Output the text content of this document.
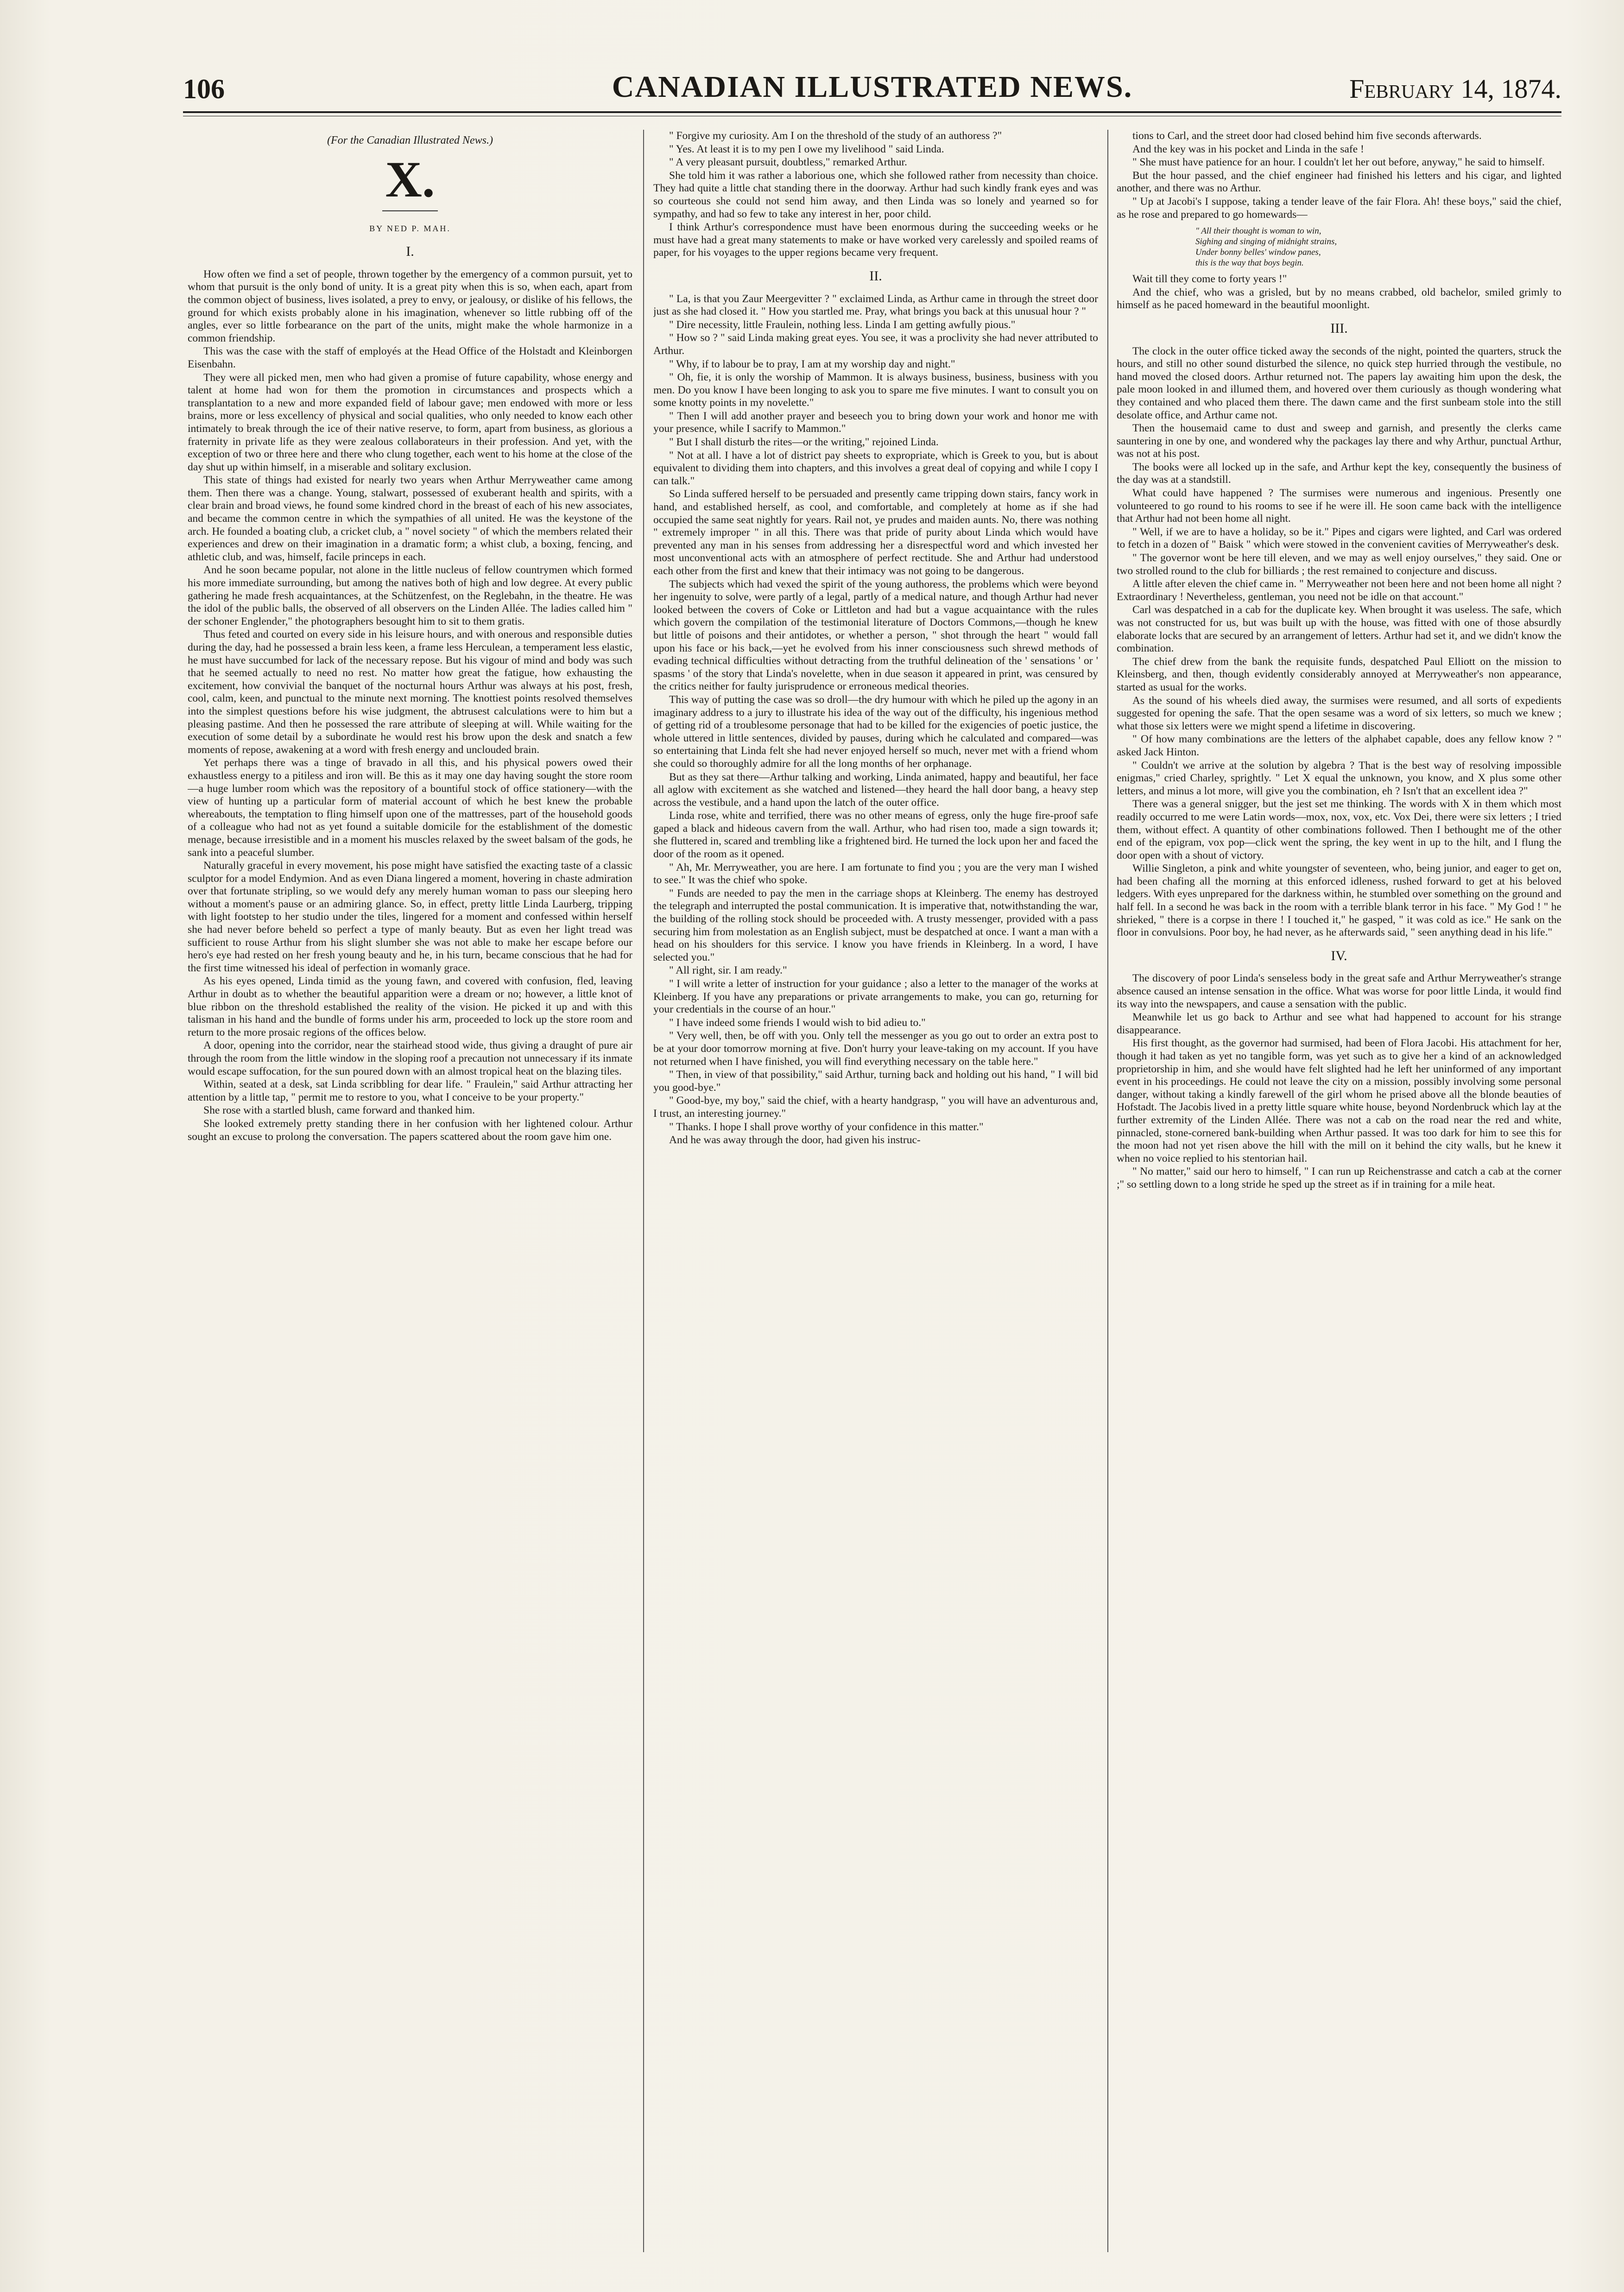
106	CANADIAN ILLUSTRATED NEWS.	February 14, 1874.
(For the Canadian Illustrated News.)
X.
BY NED P. MAH.
I.

How often we find a set of people, thrown together by the emergency of a common pursuit, yet to whom that pursuit is the only bond of unity. It is a great pity when this is so, when each, apart from the common object of business, lives isolated, a prey to envy, or jealousy, or dislike of his fellows, the ground for which exists probably alone in his imagination, whenever so little rubbing off of the angles, ever so little forbearance on the part of the units, might make the whole harmonize in a common friendship.

This was the case with the staff of employés at the Head Office of the Holstadt and Kleinborgen Eisenbahn.

They were all picked men, men who had given a promise of future capability, whose energy and talent at home had won for them the promotion in circumstances and prospects which a transplantation to a new and more expanded field of labour gave; men endowed with more or less brains, more or less excellency of physical and social qualities, who only needed to know each other intimately to break through the ice of their native reserve, to form, apart from business, as glorious a fraternity in private life as they were zealous collaborateurs in their profession. And yet, with the exception of two or three here and there who clung together, each went to his home at the close of the day shut up within himself, in a miserable and solitary exclusion.

This state of things had existed for nearly two years when Arthur Merryweather came among them. Then there was a change. Young, stalwart, possessed of exuberant health and spirits, with a clear brain and broad views, he found some kindred chord in the breast of each of his new associates, and became the common centre in which the sympathies of all united. He was the keystone of the arch. He founded a boating club, a cricket club, a " novel society " of which the members related their experiences and drew on their imagination in a dramatic form; a whist club, a boxing, fencing, and athletic club, and was, himself, facile princeps in each.

And he soon became popular, not alone in the little nucleus of fellow countrymen which formed his more immediate surrounding, but among the natives both of high and low degree. At every public gathering he made fresh acquaintances, at the Schützenfest, on the Reglebahn, in the theatre. He was the idol of the public balls, the observed of all observers on the Linden Allée. The ladies called him " der schoner Englender," the photographers besought him to sit to them gratis.

Thus feted and courted on every side in his leisure hours, and with onerous and responsible duties during the day, had he possessed a brain less keen, a frame less Herculean, a temperament less elastic, he must have succumbed for lack of the necessary repose. But his vigour of mind and body was such that he seemed actually to need no rest. No matter how great the fatigue, how exhausting the excitement, how convivial the banquet of the nocturnal hours Arthur was always at his post, fresh, cool, calm, keen, and punctual to the minute next morning. The knottiest points resolved themselves into the simplest questions before his wise judgment, the abtrusest calculations were to him but a pleasing pastime. And then he possessed the rare attribute of sleeping at will. While waiting for the execution of some detail by a subordinate he would rest his brow upon the desk and snatch a few moments of repose, awakening at a word with fresh energy and unclouded brain.

Yet perhaps there was a tinge of bravado in all this, and his physical powers owed their exhaustless energy to a pitiless and iron will. Be this as it may one day having sought the store room—a huge lumber room which was the repository of a bountiful stock of office stationery—with the view of hunting up a particular form of material account of which he best knew the probable whereabouts, the temptation to fling himself upon one of the mattresses, part of the household goods of a colleague who had not as yet found a suitable domicile for the establishment of the domestic menage, because irresistible and in a moment his muscles relaxed by the sweet balsam of the gods, he sank into a peaceful slumber.

Naturally graceful in every movement, his pose might have satisfied the exacting taste of a classic sculptor for a model Endymion. And as even Diana lingered a moment, hovering in chaste admiration over that fortunate stripling, so we would defy any merely human woman to pass our sleeping hero without a moment's pause or an admiring glance. So, in effect, pretty little Linda Laurberg, tripping with light footstep to her studio under the tiles, lingered for a moment and confessed within herself she had never before beheld so perfect a type of manly beauty. But as even her light tread was sufficient to rouse Arthur from his slight slumber she was not able to make her escape before our hero's eye had rested on her fresh young beauty and he, in his turn, became conscious that he had for the first time witnessed his ideal of perfection in womanly grace.

As his eyes opened, Linda timid as the young fawn, and covered with confusion, fled, leaving Arthur in doubt as to whether the beautiful apparition were a dream or no; however, a little knot of blue ribbon on the threshold established the reality of the vision. He picked it up and with this talisman in his hand and the bundle of forms under his arm, proceeded to lock up the store room and return to the more prosaic regions of the offices below.

A door, opening into the corridor, near the stairhead stood wide, thus giving a draught of pure air through the room from the little window in the sloping roof a precaution not unnecessary if its inmate would escape suffocation, for the sun poured down with an almost tropical heat on the blazing tiles.

Within, seated at a desk, sat Linda scribbling for dear life. " Fraulein," said Arthur attracting her attention by a little tap, " permit me to restore to you, what I conceive to be your property."

She rose with a startled blush, came forward and thanked him.

She looked extremely pretty standing there in her confusion with her lightened colour. Arthur sought an excuse to prolong the conversation. The papers scattered about the room gave him one.

" Forgive my curiosity. Am I on the threshold of the study of an authoress ?"

" Yes. At least it is to my pen I owe my livelihood " said Linda.

" A very pleasant pursuit, doubtless," remarked Arthur.

She told him it was rather a laborious one, which she followed rather from necessity than choice. They had quite a little chat standing there in the doorway. Arthur had such kindly frank eyes and was so courteous she could not send him away, and then Linda was so lonely and yearned so for sympathy, and had so few to take any interest in her, poor child.

I think Arthur's correspondence must have been enormous during the succeeding weeks or he must have had a great many statements to make or have worked very carelessly and spoiled reams of paper, for his voyages to the upper regions became very frequent.

II.

" La, is that you Zaur Meergevitter ? " exclaimed Linda, as Arthur came in through the street door just as she had closed it. " How you startled me. Pray, what brings you back at this unusual hour ? "

" Dire necessity, little Fraulein, nothing less. Linda I am getting awfully pious."

" How so ? " said Linda making great eyes. You see, it was a proclivity she had never attributed to Arthur.

" Why, if to labour be to pray, I am at my worship day and night."

" Oh, fie, it is only the worship of Mammon. It is always business, business, business with you men. Do you know I have been longing to ask you to spare me five minutes. I want to consult you on some knotty points in my novelette."

" Then I will add another prayer and beseech you to bring down your work and honor me with your presence, while I sacrify to Mammon."

" But I shall disturb the rites—or the writing," rejoined Linda.

" Not at all. I have a lot of district pay sheets to expropriate, which is Greek to you, but is about equivalent to dividing them into chapters, and this involves a great deal of copying and while I copy I can talk."

So Linda suffered herself to be persuaded and presently came tripping down stairs, fancy work in hand, and established herself, as cool, and comfortable, and completely at home as if she had occupied the same seat nightly for years. Rail not, ye prudes and maiden aunts. No, there was nothing " extremely improper " in all this. There was that pride of purity about Linda which would have prevented any man in his senses from addressing her a disrespectful word and which invested her most unconventional acts with an atmosphere of perfect rectitude. She and Arthur had understood each other from the first and knew that their intimacy was not going to be dangerous.

The subjects which had vexed the spirit of the young authoress, the problems which were beyond her ingenuity to solve, were partly of a legal, partly of a medical nature, and though Arthur had never looked between the covers of Coke or Littleton and had but a vague acquaintance with the rules which govern the compilation of the testimonial literature of Doctors Commons,—though he knew but little of poisons and their antidotes, or whether a person, " shot through the heart " would fall upon his face or his back,—yet he evolved from his inner consciousness such shrewd methods of evading technical difficulties without detracting from the truthful delineation of the ' sensations ' or ' spasms ' of the story that Linda's novelette, when in due season it appeared in print, was censured by the critics neither for faulty jurisprudence or erroneous medical theories.

This way of putting the case was so droll—the dry humour with which he piled up the agony in an imaginary address to a jury to illustrate his idea of the way out of the difficulty, his ingenious method of getting rid of a troublesome personage that had to be killed for the exigencies of poetic justice, the whole uttered in little sentences, divided by pauses, during which he calculated and compared—was so entertaining that Linda felt she had never enjoyed herself so much, never met with a friend whom she could so thoroughly admire for all the long months of her orphanage.

But as they sat there—Arthur talking and working, Linda animated, happy and beautiful, her face all aglow with excitement as she watched and listened—they heard the hall door bang, a heavy step across the vestibule, and a hand upon the latch of the outer office.

Linda rose, white and terrified, there was no other means of egress, only the huge fire-proof safe gaped a black and hideous cavern from the wall. Arthur, who had risen too, made a sign towards it; she fluttered in, scared and trembling like a frightened bird. He turned the lock upon her and faced the door of the room as it opened.

" Ah, Mr. Merryweather, you are here. I am fortunate to find you ; you are the very man I wished to see." It was the chief who spoke.

" Funds are needed to pay the men in the carriage shops at Kleinberg. The enemy has destroyed the telegraph and interrupted the postal communication. It is imperative that, notwithstanding the war, the building of the rolling stock should be proceeded with. A trusty messenger, provided with a pass securing him from molestation as an English subject, must be despatched at once. I want a man with a head on his shoulders for this service. I know you have friends in Kleinberg. In a word, I have selected you."

" All right, sir. I am ready."

" I will write a letter of instruction for your guidance ; also a letter to the manager of the works at Kleinberg. If you have any preparations or private arrangements to make, you can go, returning for your credentials in the course of an hour."

" I have indeed some friends I would wish to bid adieu to."

" Very well, then, be off with you. Only tell the messenger as you go out to order an extra post to be at your door tomorrow morning at five. Don't hurry your leave-taking on my account. If you have not returned when I have finished, you will find everything necessary on the table here."

" Then, in view of that possibility," said Arthur, turning back and holding out his hand, " I will bid you good-bye."

" Good-bye, my boy," said the chief, with a hearty handgrasp, " you will have an adventurous and, I trust, an interesting journey."

" Thanks. I hope I shall prove worthy of your confidence in this matter."

And he was away through the door, had given his instruc-

tions to Carl, and the street door had closed behind him five seconds afterwards.

And the key was in his pocket and Linda in the safe !

" She must have patience for an hour. I couldn't let her out before, anyway," he said to himself.

But the hour passed, and the chief engineer had finished his letters and his cigar, and lighted another, and there was no Arthur.

" Up at Jacobi's I suppose, taking a tender leave of the fair Flora. Ah! these boys," said the chief, as he rose and prepared to go homewards—

" All their thought is woman to win,
Sighing and singing of midnight strains,
Under bonny belles' window panes,
this is the way that boys begin.

Wait till they come to forty years !"

And the chief, who was a grisled, but by no means crabbed, old bachelor, smiled grimly to himself as he paced homeward in the beautiful moonlight.

III.

The clock in the outer office ticked away the seconds of the night, pointed the quarters, struck the hours, and still no other sound disturbed the silence, no quick step hurried through the vestibule, no hand moved the closed doors. Arthur returned not. The papers lay awaiting him upon the desk, the pale moon looked in and illumed them, and hovered over them curiously as though wondering what they contained and who placed them there. The dawn came and the first sunbeam stole into the still desolate office, and Arthur came not.

Then the housemaid came to dust and sweep and garnish, and presently the clerks came sauntering in one by one, and wondered why the packages lay there and why Arthur, punctual Arthur, was not at his post.

The books were all locked up in the safe, and Arthur kept the key, consequently the business of the day was at a standstill.

What could have happened ? The surmises were numerous and ingenious. Presently one volunteered to go round to his rooms to see if he were ill. He soon came back with the intelligence that Arthur had not been home all night.

" Well, if we are to have a holiday, so be it." Pipes and cigars were lighted, and Carl was ordered to fetch in a dozen of " Baisk " which were stowed in the convenient cavities of Merryweather's desk.

" The governor wont be here till eleven, and we may as well enjoy ourselves," they said. One or two strolled round to the club for billiards ; the rest remained to conjecture and discuss.

A little after eleven the chief came in. " Merryweather not been here and not been home all night ? Extraordinary ! Nevertheless, gentleman, you need not be idle on that account."

Carl was despatched in a cab for the duplicate key. When brought it was useless. The safe, which was not constructed for us, but was built up with the house, was fitted with one of those absurdly elaborate locks that are secured by an arrangement of letters. Arthur had set it, and we didn't know the combination.

The chief drew from the bank the requisite funds, despatched Paul Elliott on the mission to Kleinsberg, and then, though evidently considerably annoyed at Merryweather's non appearance, started as usual for the works.

As the sound of his wheels died away, the surmises were resumed, and all sorts of expedients suggested for opening the safe. That the open sesame was a word of six letters, so much we knew ; what those six letters were we might spend a lifetime in discovering.

" Of how many combinations are the letters of the alphabet capable, does any fellow know ? " asked Jack Hinton.

" Couldn't we arrive at the solution by algebra ? That is the best way of resolving impossible enigmas," cried Charley, sprightly. " Let X equal the unknown, you know, and X plus some other letters, and minus a lot more, will give you the combination, eh ? Isn't that an excellent idea ?"

There was a general snigger, but the jest set me thinking. The words with X in them which most readily occurred to me were Latin words—mox, nox, vox, etc. Vox Dei, there were six letters ; I tried them, without effect. A quantity of other combinations followed. Then I bethought me of the other end of the epigram, vox pop—click went the spring, the key went in up to the hilt, and I flung the door open with a shout of victory.

Willie Singleton, a pink and white youngster of seventeen, who, being junior, and eager to get on, had been chafing all the morning at this enforced idleness, rushed forward to get at his beloved ledgers. With eyes unprepared for the darkness within, he stumbled over something on the ground and half fell. In a second he was back in the room with a terrible blank terror in his face. " My God ! " he shrieked, " there is a corpse in there ! I touched it," he gasped, " it was cold as ice." He sank on the floor in convulsions. Poor boy, he had never, as he afterwards said, " seen anything dead in his life."

IV.

The discovery of poor Linda's senseless body in the great safe and Arthur Merryweather's strange absence caused an intense sensation in the office. What was worse for poor little Linda, it would find its way into the newspapers, and cause a sensation with the public.

Meanwhile let us go back to Arthur and see what had happened to account for his strange disappearance.

His first thought, as the governor had surmised, had been of Flora Jacobi. His attachment for her, though it had taken as yet no tangible form, was yet such as to give her a kind of an acknowledged proprietorship in him, and she would have felt slighted had he left her uninformed of any important event in his proceedings. He could not leave the city on a mission, possibly involving some personal danger, without taking a kindly farewell of the girl whom he prised above all the blonde beauties of Hofstadt. The Jacobis lived in a pretty little square white house, beyond Nordenbruck which lay at the further extremity of the Linden Allée. There was not a cab on the road near the red and white, pinnacled, stone-cornered bank-building when Arthur passed. It was too dark for him to see this for the moon had not yet risen above the hill with the mill on it behind the city walls, but he knew it when no voice replied to his stentorian hail.

" No matter," said our hero to himself, " I can run up Reichenstrasse and catch a cab at the corner ;" so settling down to a long stride he sped up the street as if in training for a mile heat.
